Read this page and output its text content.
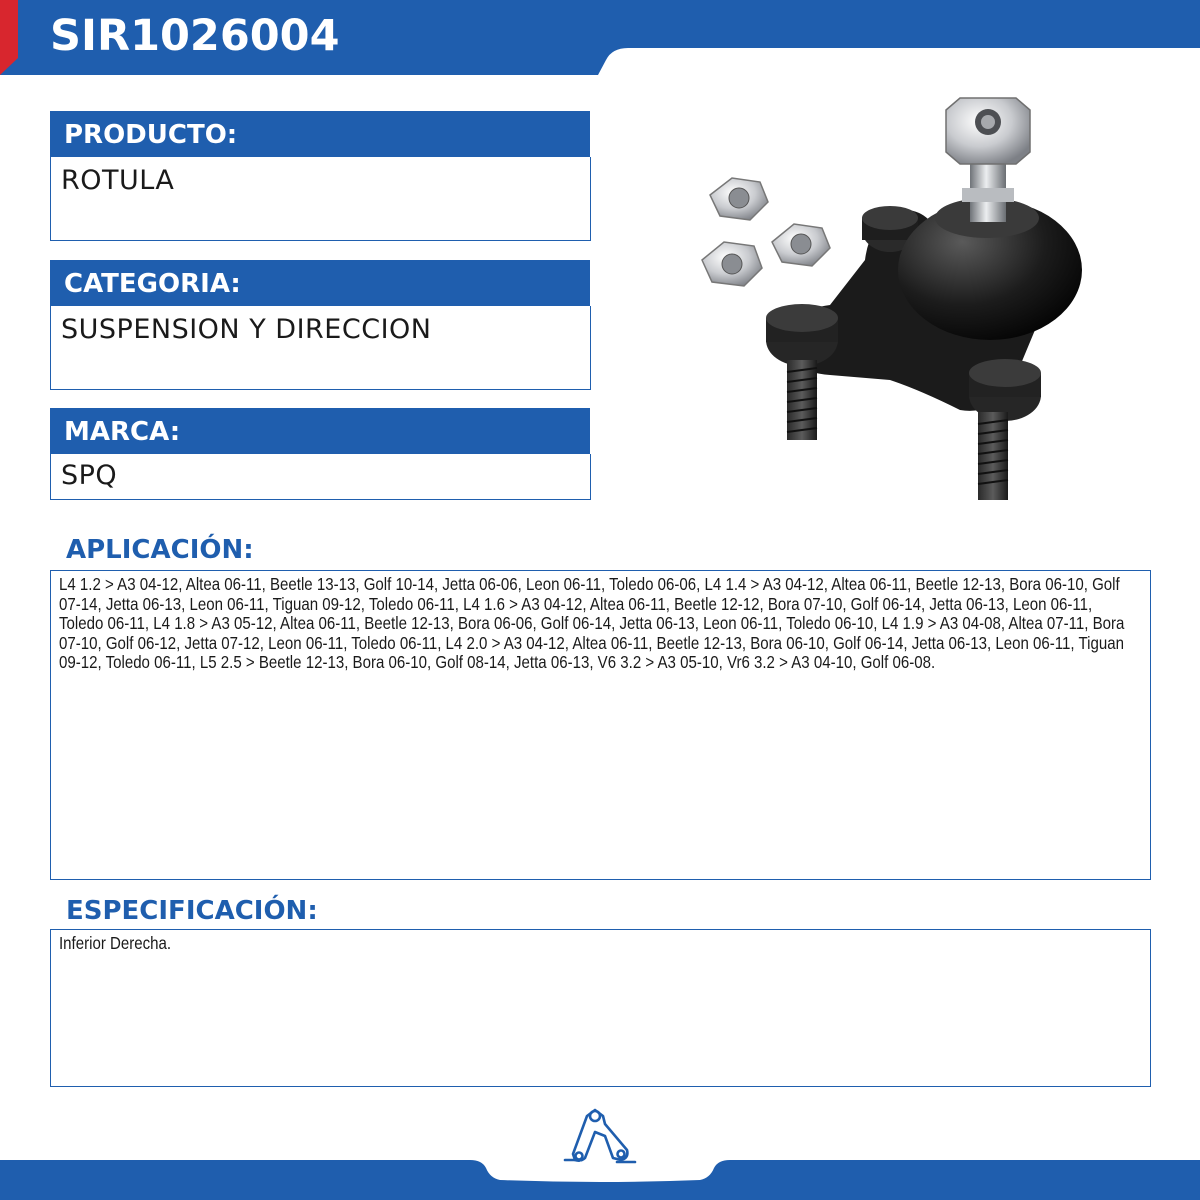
SIR1026004
PRODUCTO:
ROTULA
CATEGORIA:
SUSPENSION Y DIRECCION
MARCA:
SPQ
APLICACIÓN:
L4 1.2 > A3 04-12, Altea 06-11, Beetle 13-13, Golf 10-14, Jetta 06-06, Leon 06-11, Toledo 06-06, L4 1.4 > A3 04-12, Altea 06-11, Beetle 12-13, Bora 06-10, Golf 07-14, Jetta 06-13, Leon 06-11, Tiguan 09-12, Toledo 06-11, L4 1.6 > A3 04-12, Altea 06-11, Beetle 12-12, Bora 07-10, Golf 06-14, Jetta 06-13, Leon 06-11, Toledo 06-11, L4 1.8 > A3 05-12, Altea 06-11, Beetle 12-13, Bora 06-06, Golf 06-14, Jetta 06-13, Leon 06-11, Toledo 06-10, L4 1.9 > A3 04-08, Altea 07-11, Bora 07-10, Golf 06-12, Jetta 07-12, Leon 06-11, Toledo 06-11, L4 2.0 > A3 04-12, Altea 06-11, Beetle 12-13, Bora 06-10, Golf 06-14, Jetta 06-13, Leon 06-11, Tiguan 09-12, Toledo 06-11, L5 2.5 > Beetle 12-13, Bora 06-10, Golf 08-14, Jetta 06-13, V6 3.2 > A3 05-10, Vr6 3.2 > A3 04-10, Golf 06-08.
ESPECIFICACIÓN:
Inferior Derecha.
SUSPENSIÓN Y DIRECCIÓN
